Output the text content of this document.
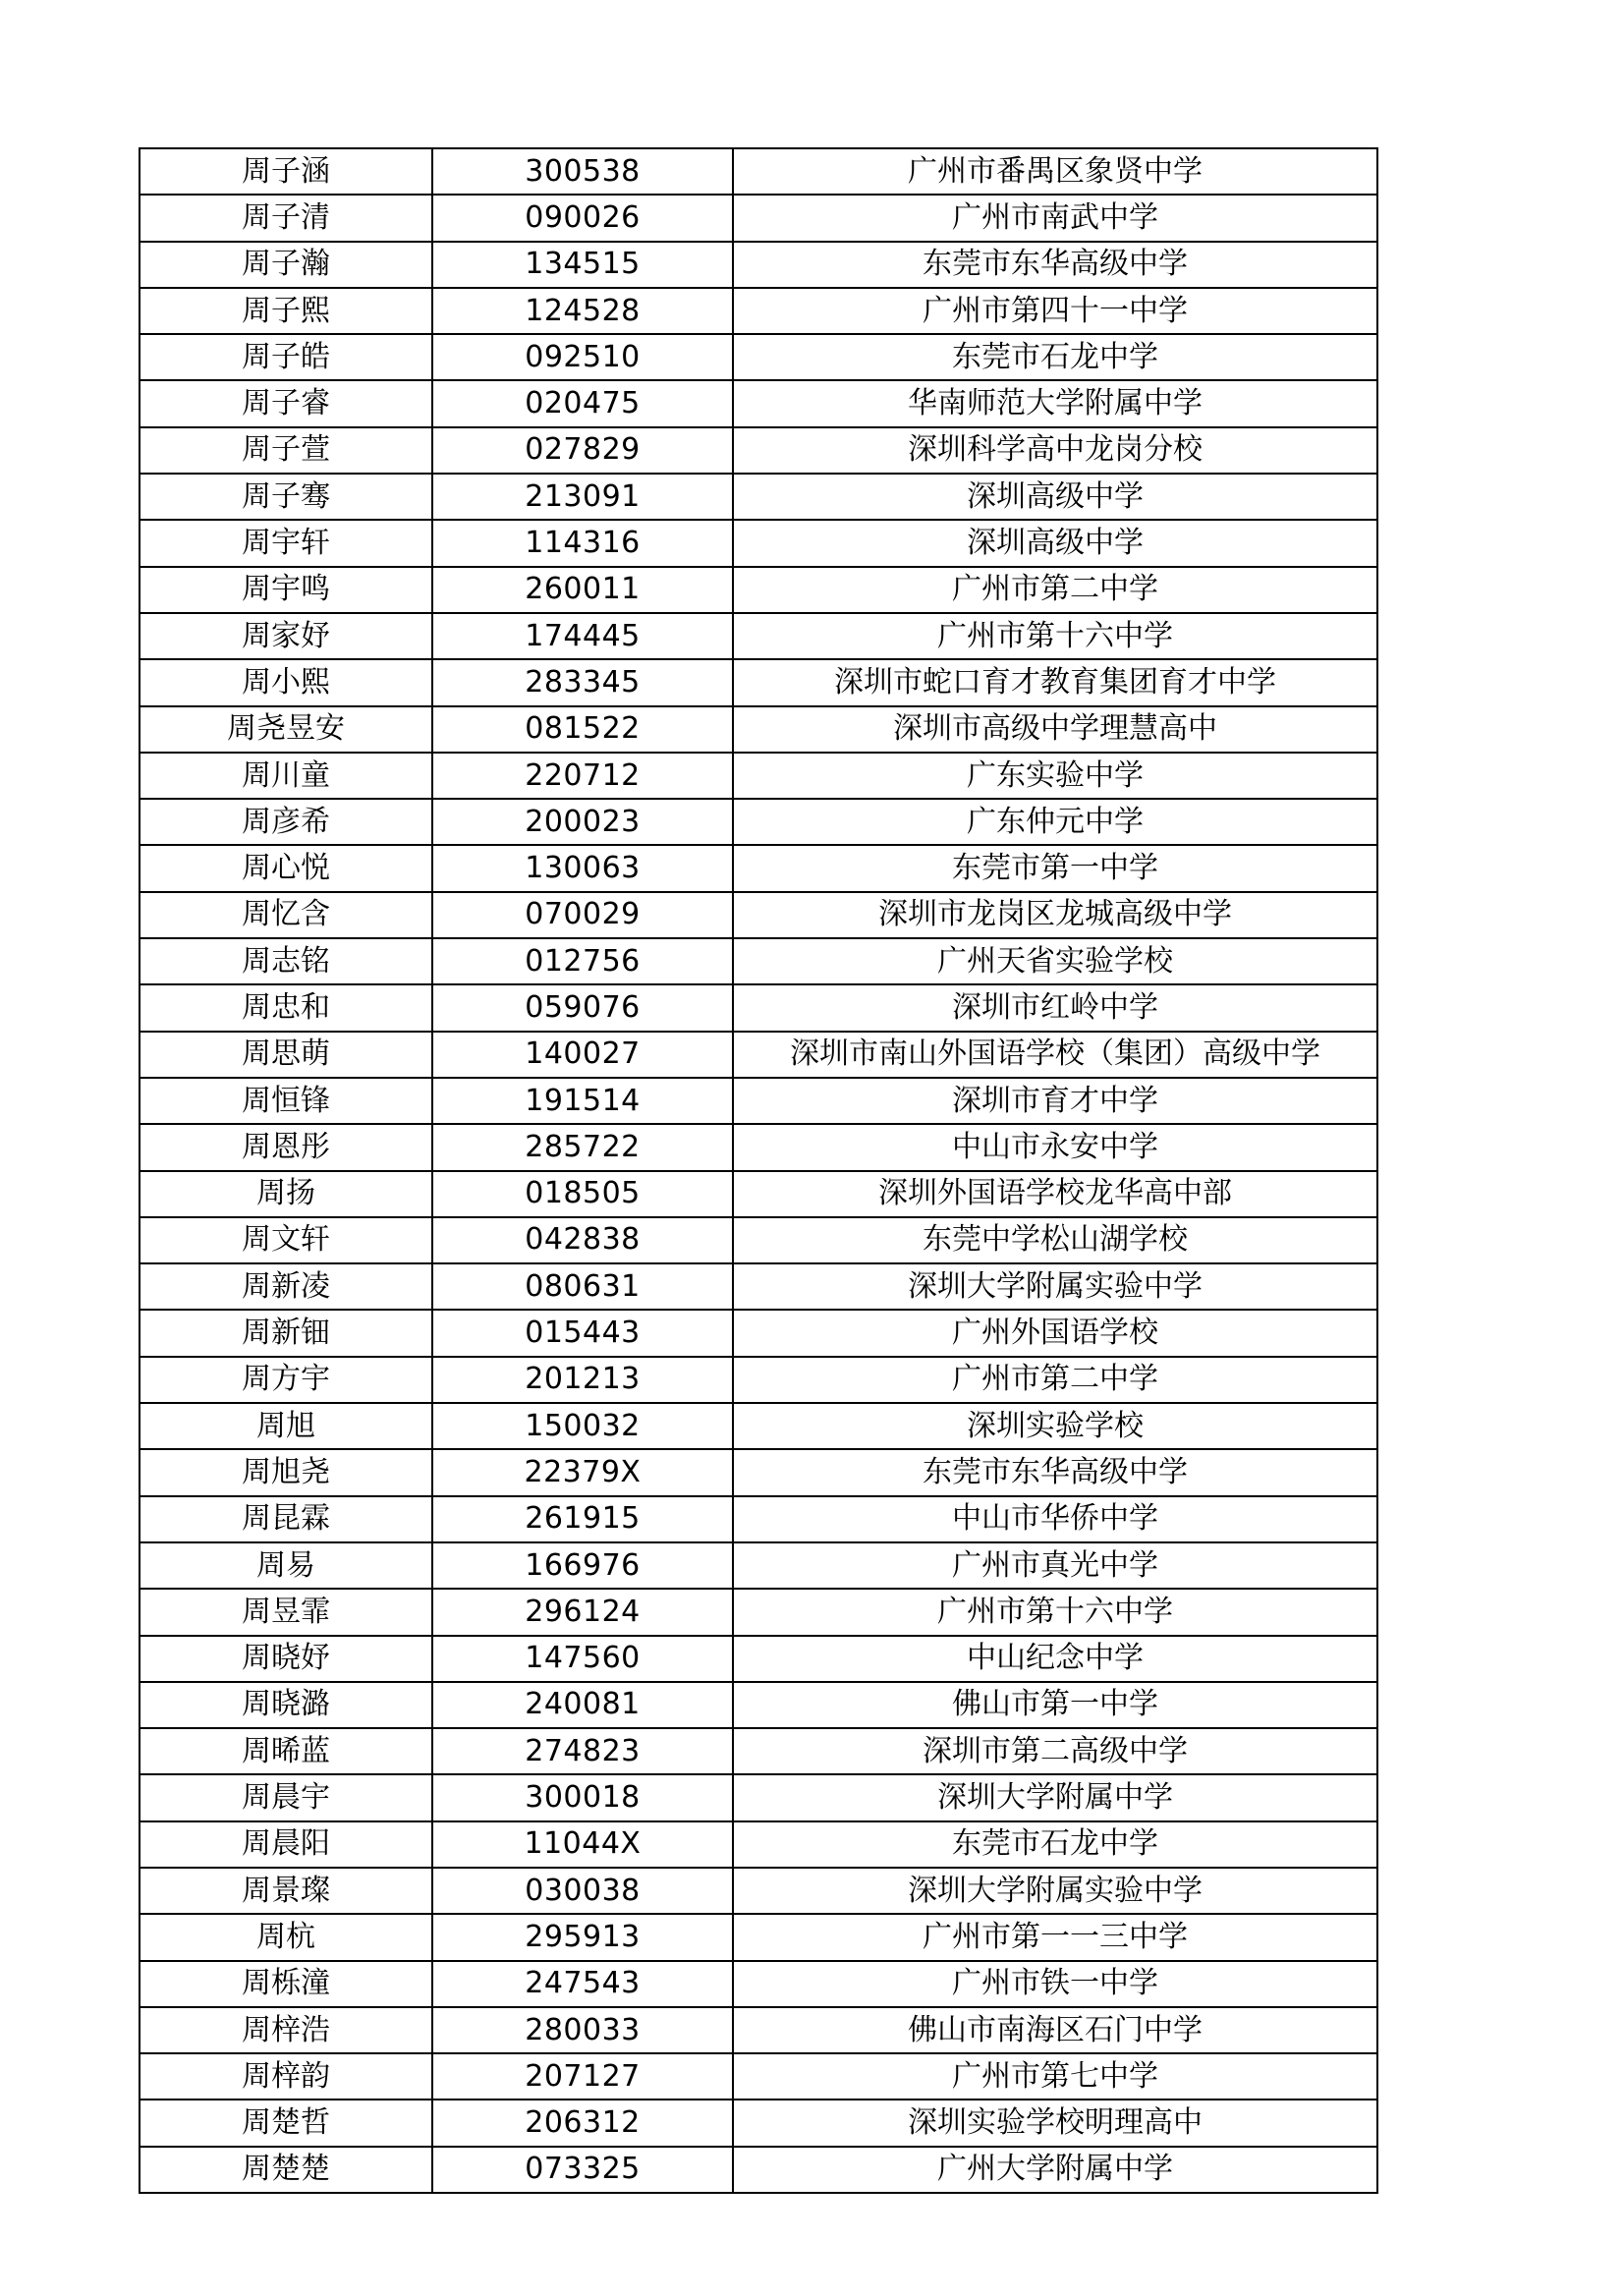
周子涵	300538	广州市番禺区象贤中学
周子清	090026	广州市南武中学
周子瀚	134515	东莞市东华高级中学
周子熙	124528	广州市第四十一中学
周子皓	092510	东莞市石龙中学
周子睿	020475	华南师范大学附属中学
周子萱	027829	深圳科学高中龙岗分校
周子骞	213091	深圳高级中学
周宇轩	114316	深圳高级中学
周宇鸣	260011	广州市第二中学
周家妤	174445	广州市第十六中学
周小熙	283345	深圳市蛇口育才教育集团育才中学
周尧昱安	081522	深圳市高级中学理慧高中
周川童	220712	广东实验中学
周彦希	200023	广东仲元中学
周心悦	130063	东莞市第一中学
周忆含	070029	深圳市龙岗区龙城高级中学
周志铭	012756	广州天省实验学校
周忠和	059076	深圳市红岭中学
周思萌	140027	深圳市南山外国语学校（集团）高级中学
周恒锋	191514	深圳市育才中学
周恩彤	285722	中山市永安中学
周扬	018505	深圳外国语学校龙华高中部
周文轩	042838	东莞中学松山湖学校
周新凌	080631	深圳大学附属实验中学
周新钿	015443	广州外国语学校
周方宇	201213	广州市第二中学
周旭	150032	深圳实验学校
周旭尧	22379X	东莞市东华高级中学
周昆霖	261915	中山市华侨中学
周易	166976	广州市真光中学
周昱霏	296124	广州市第十六中学
周晓妤	147560	中山纪念中学
周晓潞	240081	佛山市第一中学
周晞蓝	274823	深圳市第二高级中学
周晨宇	300018	深圳大学附属中学
周晨阳	11044X	东莞市石龙中学
周景璨	030038	深圳大学附属实验中学
周杭	295913	广州市第一一三中学
周栎潼	247543	广州市铁一中学
周梓浩	280033	佛山市南海区石门中学
周梓韵	207127	广州市第七中学
周楚哲	206312	深圳实验学校明理高中
周楚楚	073325	广州大学附属中学
